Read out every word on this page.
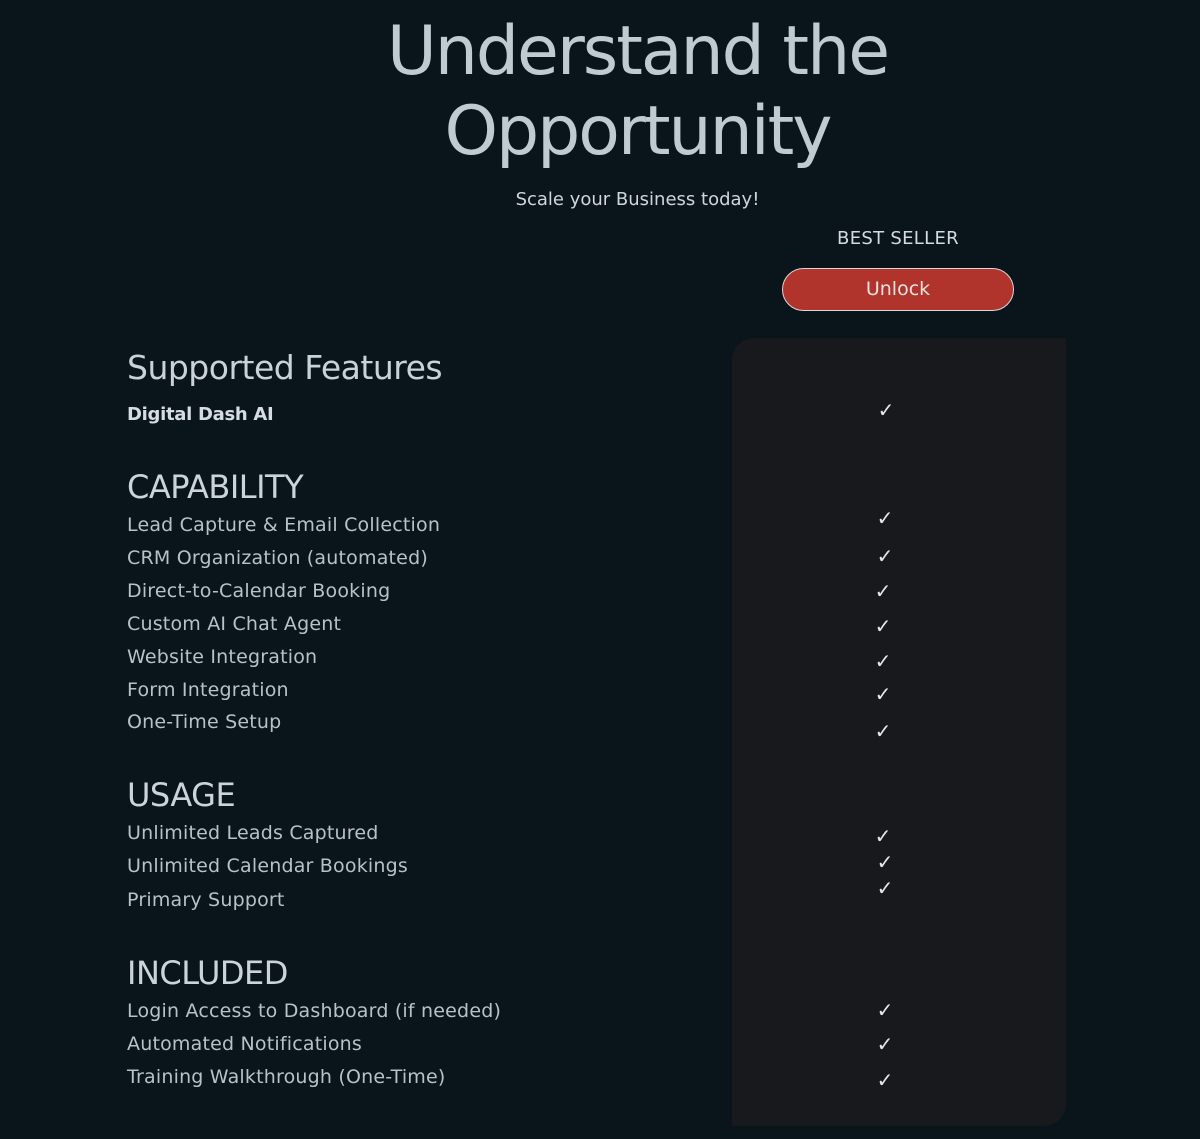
Understand the
Opportunity
Scale your Business today!
BEST SELLER
Unlock
Supported Features
Digital Dash AI	✓
CAPABILITY
Lead Capture & Email Collection	✓
CRM Organization (automated)	✓
Direct-to-Calendar Booking	✓
Custom AI Chat Agent	✓
Website Integration	✓
Form Integration	✓
One-Time Setup	✓
USAGE
Unlimited Leads Captured	✓
Unlimited Calendar Bookings	✓
Primary Support	✓
INCLUDED
Login Access to Dashboard (if needed)	✓
Automated Notifications	✓
Training Walkthrough (One-Time)	✓
